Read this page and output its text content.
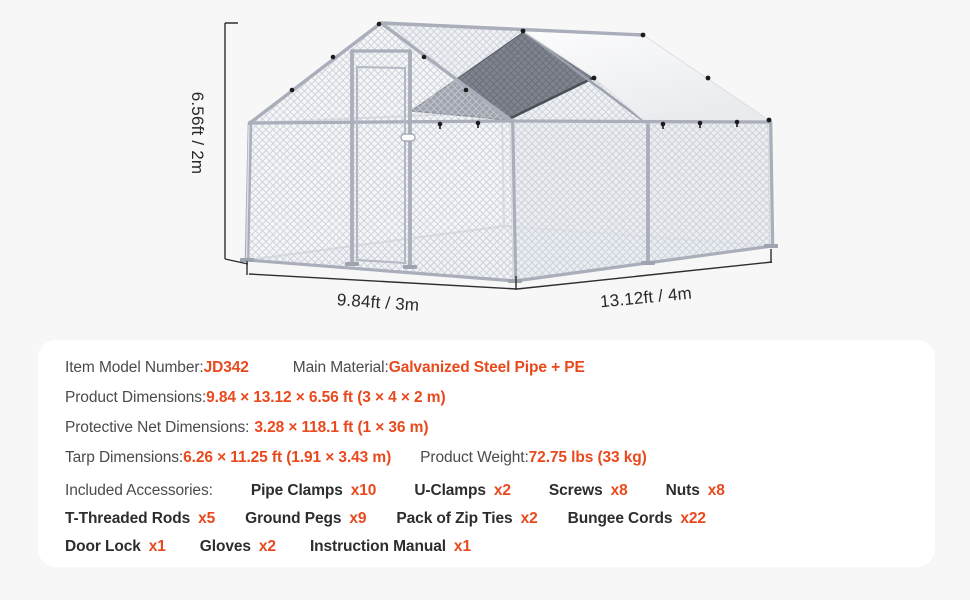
6.56ft / 2m
9.84ft / 3m	13.12ft / 4m
Item Model Number: JD342	Main Material: Galvanized Steel Pipe + PE
Product Dimensions: 9.84 × 13.12 × 6.56 ft (3 × 4 × 2 m)
Protective Net Dimensions: 3.28 × 118.1 ft (1 × 36 m)
Tarp Dimensions: 6.26 × 11.25 ft (1.91 × 3.43 m) Product Weight: 72.75 lbs (33 kg)
Included Accessories: Pipe Clamps x10 U-Clamps x2 Screws x8 Nuts x8
T-Threaded Rods x5 Ground Pegs x9 Pack of Zip Ties x2 Bungee Cords x22
Door Lock x1 Gloves x2 Instruction Manual x1
